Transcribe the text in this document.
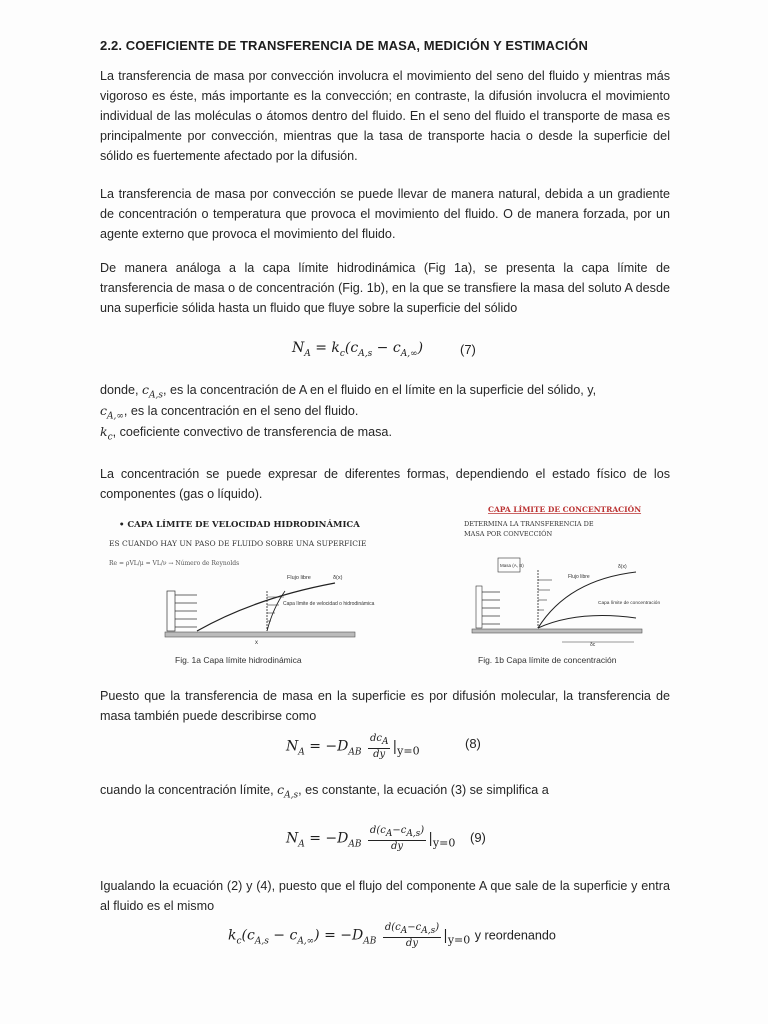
2.2. COEFICIENTE DE TRANSFERENCIA DE MASA, MEDICIÓN Y ESTIMACIÓN
La transferencia de masa por convección involucra el movimiento del seno del fluido y mientras más vigoroso es éste, más importante es la convección; en contraste, la difusión involucra el movimiento individual de las moléculas o átomos dentro del fluido. En el seno del fluido el transporte de masa es principalmente por convección, mientras que la tasa de transporte hacia o desde la superficie del sólido es fuertemente afectado por la difusión.
La transferencia de masa por convección se puede llevar de manera natural, debida a un gradiente de concentración o temperatura que provoca el movimiento del fluido. O de manera forzada, por un agente externo que provoca el movimiento del fluido.
De manera análoga a la capa límite hidrodinámica (Fig 1a), se presenta la capa límite de transferencia de masa o de concentración (Fig. 1b), en la que se transfiere la masa del soluto A desde una superficie sólida hasta un fluido que fluye sobre la superficie del sólido
$N_A = k_c(c_{A,s} - c_{A,\infty})$	(7)
donde, $c_{A,s}$, es la concentración de A en el fluido en el límite en la superficie del sólido, y,
$c_{A,\infty}$, es la concentración en el seno del fluido.
$k_c$, coeficiente convectivo de transferencia de masa.
La concentración se puede expresar de diferentes formas, dependiendo el estado físico de los componentes (gas o líquido).
• CAPA LÍMITE DE VELOCIDAD HIDRODINÁMICA
ES CUANDO HAY UN PASO DE FLUIDO SOBRE UNA SUPERFICIE
Re = ρVL/μ = VL/ν → Número de Reynolds
Flujo libre	δ(x)
Capa límite de velocidad o hidrodinámica
x
Fig. 1a Capa límite hidrodinámica
CAPA LÍMITE DE CONCENTRACIÓN
DETERMINA LA TRANSFERENCIA DE
MASA POR CONVECCIÓN
Masa (A, B)
Flujo libre
δ(x)
Capa límite de concentración
δc
Fig. 1b Capa límite de concentración
Puesto que la transferencia de masa en la superficie es por difusión molecular, la transferencia de masa también puede describirse como
$N_A = -D_{AB} \frac{dc_A}{dy} |_{y=0}$	(8)
cuando la concentración límite, $c_{A,s}$, es constante, la ecuación (3) se simplifica a
$N_A = -D_{AB} \frac{d(c_A-c_{A,s})}{dy} |_{y=0}$ (9)
Igualando la ecuación (2) y (4), puesto que el flujo del componente A que sale de la superficie y entra al fluido es el mismo
$k_c(c_{A,s} - c_{A,\infty}) = -D_{AB} \frac{d(c_A-c_{A,s})}{dy} |_{y=0}$ y reordenando
